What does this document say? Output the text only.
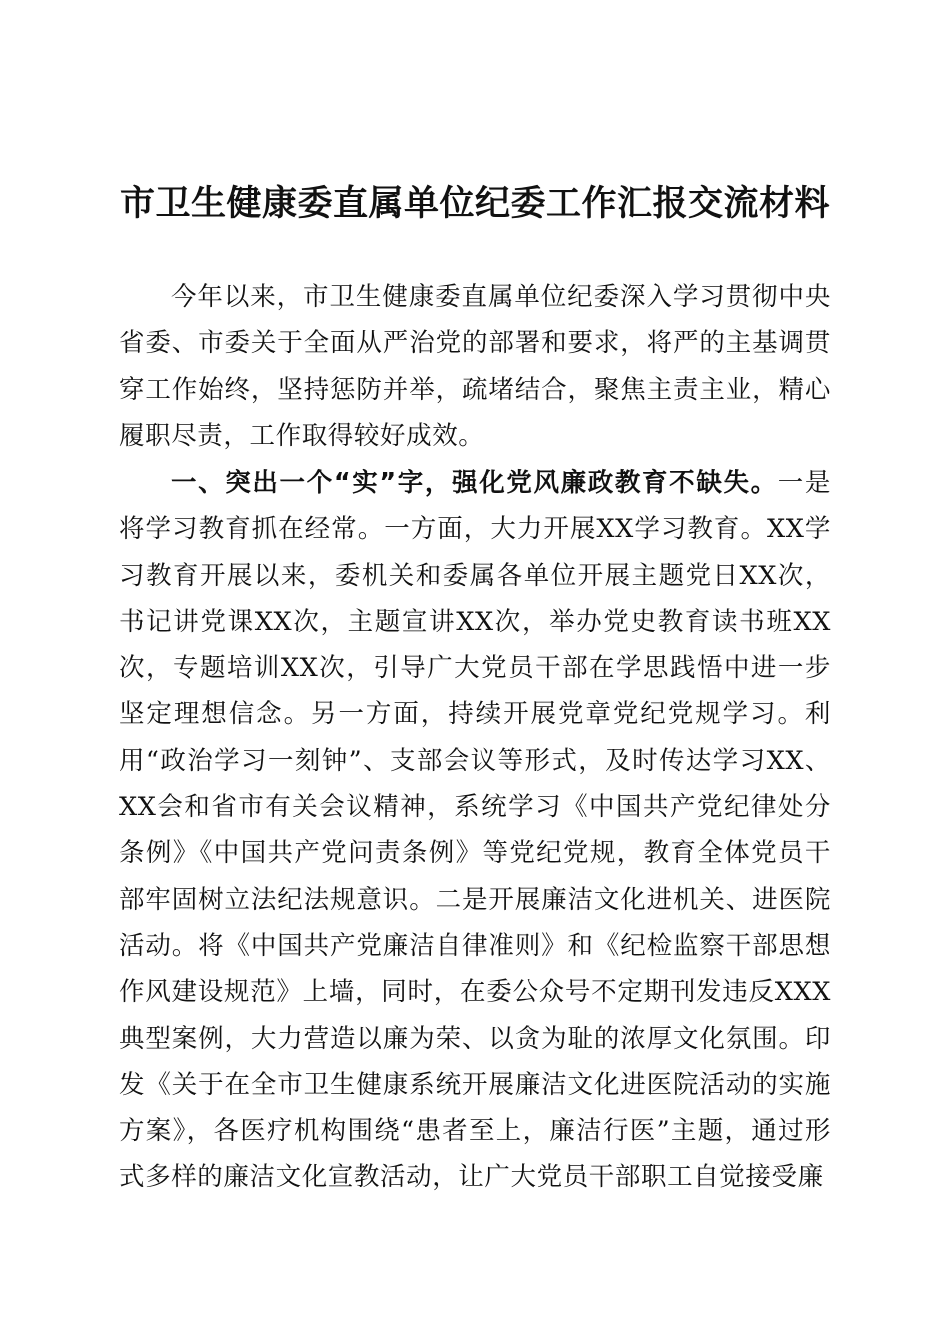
市卫生健康委直属单位纪委工作汇报交流材料

今年以来，市卫生健康委直属单位纪委深入学习贯彻中央省委、市委关于全面从严治党的部署和要求，将严的主基调贯穿工作始终，坚持惩防并举，疏堵结合，聚焦主责主业，精心履职尽责，工作取得较好成效。

一、突出一个“实”字，强化党风廉政教育不缺失。一是将学习教育抓在经常。一方面，大力开展XX学习教育。XX学习教育开展以来，委机关和委属各单位开展主题党日XX次，书记讲党课XX次，主题宣讲XX次，举办党史教育读书班XX次，专题培训XX次，引导广大党员干部在学思践悟中进一步坚定理想信念。另一方面，持续开展党章党纪党规学习。利用“政治学习一刻钟”、支部会议等形式，及时传达学习XX、XX会和省市有关会议精神，系统学习《中国共产党纪律处分条例》《中国共产党问责条例》等党纪党规，教育全体党员干部牢固树立法纪法规意识。二是开展廉洁文化进机关、进医院活动。将《中国共产党廉洁自律准则》和《纪检监察干部思想作风建设规范》上墙，同时，在委公众号不定期刊发违反XXX典型案例，大力营造以廉为荣、以贪为耻的浓厚文化氛围。印发《关于在全市卫生健康系统开展廉洁文化进医院活动的实施方案》，各医疗机构围绕“患者至上，廉洁行医”主题，通过形式多样的廉洁文化宣教活动，让广大党员干部职工自觉接受廉
